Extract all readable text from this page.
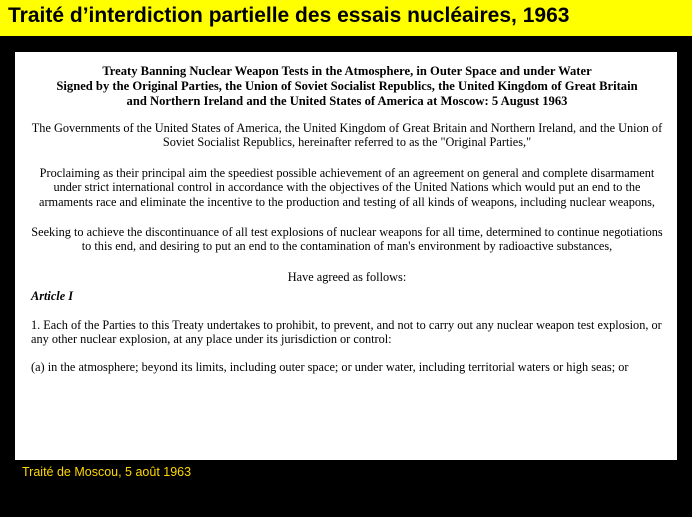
Traité d’interdiction partielle des essais nucléaires, 1963
Treaty Banning Nuclear Weapon Tests in the Atmosphere, in Outer Space and under Water
Signed by the Original Parties, the Union of Soviet Socialist Republics, the United Kingdom of Great Britain
and Northern Ireland and the United States of America at Moscow: 5 August 1963
The Governments of the United States of America, the United Kingdom of Great Britain and Northern Ireland, and the Union of Soviet Socialist Republics, hereinafter referred to as the "Original Parties,"
Proclaiming as their principal aim the speediest possible achievement of an agreement on general and complete disarmament under strict international control in accordance with the objectives of the United Nations which would put an end to the armaments race and eliminate the incentive to the production and testing of all kinds of weapons, including nuclear weapons,
Seeking to achieve the discontinuance of all test explosions of nuclear weapons for all time, determined to continue negotiations to this end, and desiring to put an end to the contamination of man's environment by radioactive substances,
Have agreed as follows:
Article I
1. Each of the Parties to this Treaty undertakes to prohibit, to prevent, and not to carry out any nuclear weapon test explosion, or any other nuclear explosion, at any place under its jurisdiction or control:
(a) in the atmosphere; beyond its limits, including outer space; or under water, including territorial waters or high seas; or
Traité de Moscou, 5 août 1963
